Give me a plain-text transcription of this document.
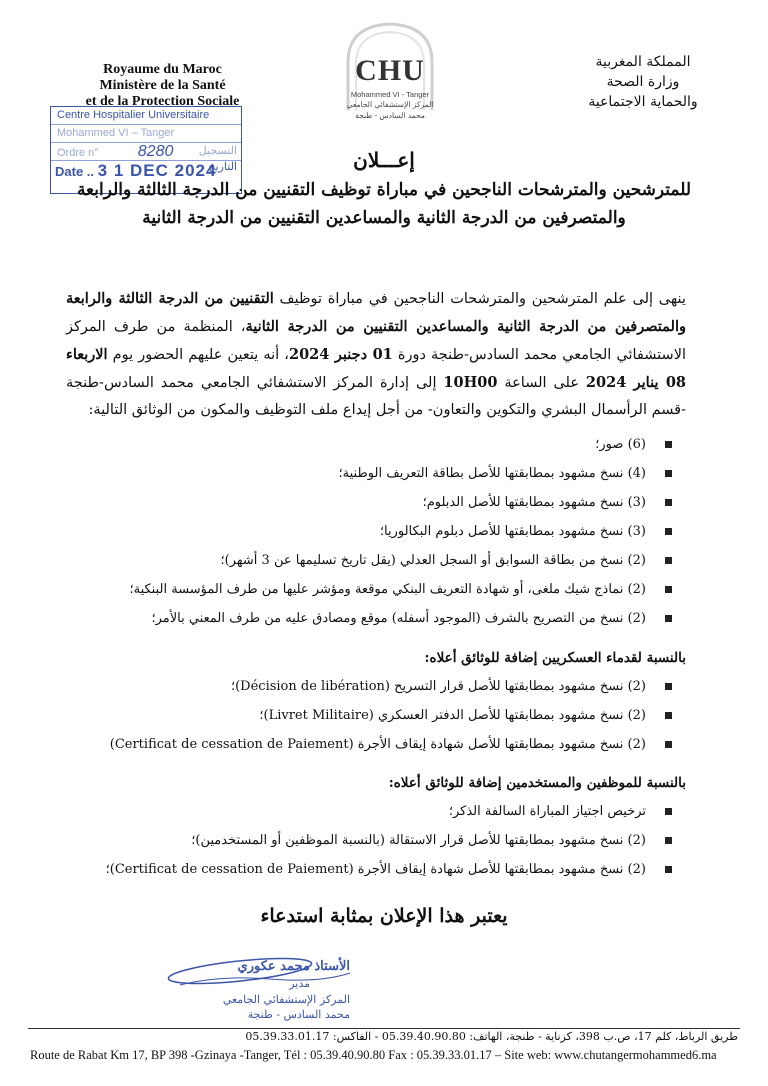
Royaume du Maroc
Ministère de la Santé
et de la Protection Sociale
CHU
Mohammed VI - Tanger
المركز الإستشفائي الجامعي
محمد السادس - طنجة
المملكة المغربية
وزارة الصحة
والحماية الاجتماعية
Centre Hospitalier Universitaire
Mohammed VI – Tanger
Ordre n° 8280 التسجيل
Date .. 3 1 DEC 2024
التاريخ	إعـــلان
للمترشحين والمترشحات الناجحين في مباراة توظيف التقنيين من الدرجة الثالثة والرابعة
والمتصرفين من الدرجة الثانية والمساعدين التقنيين من الدرجة الثانية
ينهى إلى علم المترشحين والمترشحات الناجحين في مباراة توظيف التقنيين من الدرجة الثالثة والرابعة والمتصرفين من الدرجة الثانية والمساعدين التقنيين من الدرجة الثانية، المنظمة من طرف المركز الاستشفائي الجامعي محمد السادس-طنجة دورة 01 دجنبر 2024، أنه يتعين عليهم الحضور يوم الاربعاء 08 يناير 2024 على الساعة 10H00 إلى إدارة المركز الاستشفائي الجامعي محمد السادس-طنجة -قسم الرأسمال البشري والتكوين والتعاون- من أجل إيداع ملف التوظيف والمكون من الوثائق التالية:
(6) صور؛
(4) نسخ مشهود بمطابقتها للأصل بطاقة التعريف الوطنية؛
(3) نسخ مشهود بمطابقتها للأصل الدبلوم؛
(3) نسخ مشهود بمطابقتها للأصل دبلوم البكالوريا؛
(2) نسخ من بطاقة السوابق أو السجل العدلي (يقل تاريخ تسليمها عن 3 أشهر)؛
(2) نماذج شيك ملغى، أو شهادة التعريف البنكي موقعة ومؤشر عليها من طرف المؤسسة البنكية؛
(2) نسخ من التصريح بالشرف (الموجود أسفله) موقع ومصادق عليه من طرف المعني بالأمر؛
بالنسبة لقدماء العسكريين إضافة للوثائق أعلاه:
(2) نسخ مشهود بمطابقتها للأصل قرار التسريح (Décision de libération)؛
(2) نسخ مشهود بمطابقتها للأصل الدفتر العسكري (Livret Militaire)؛
(2) نسخ مشهود بمطابقتها للأصل شهادة إيقاف الأجرة (Certificat de cessation de Paiement)
بالنسبة للموظفين والمستخدمين إضافة للوثائق أعلاه:
ترخيص اجتياز المباراة السالفة الذكر؛
(2) نسخ مشهود بمطابقتها للأصل قرار الاستقالة (بالنسبة الموظفين أو المستخدمين)؛
(2) نسخ مشهود بمطابقتها للأصل شهادة إيقاف الأجرة (Certificat de cessation de Paiement)؛
يعتبر هذا الإعلان بمثابة استدعاء
الأستاذ محمد عكوري
مدير
المركز الإستشفائي الجامعي
محمد السادس - طنجة
طريق الرباط، كلم 17، ص.ب 398، كزناية - طنجة، الهاتف: 05.39.40.90.80 - الفاكس: 05.39.33.01.17
Route de Rabat Km 17, BP 398 -Gzinaya -Tanger, Tél : 05.39.40.90.80 Fax : 05.39.33.01.17 – Site web: www.chutangermohammed6.ma
